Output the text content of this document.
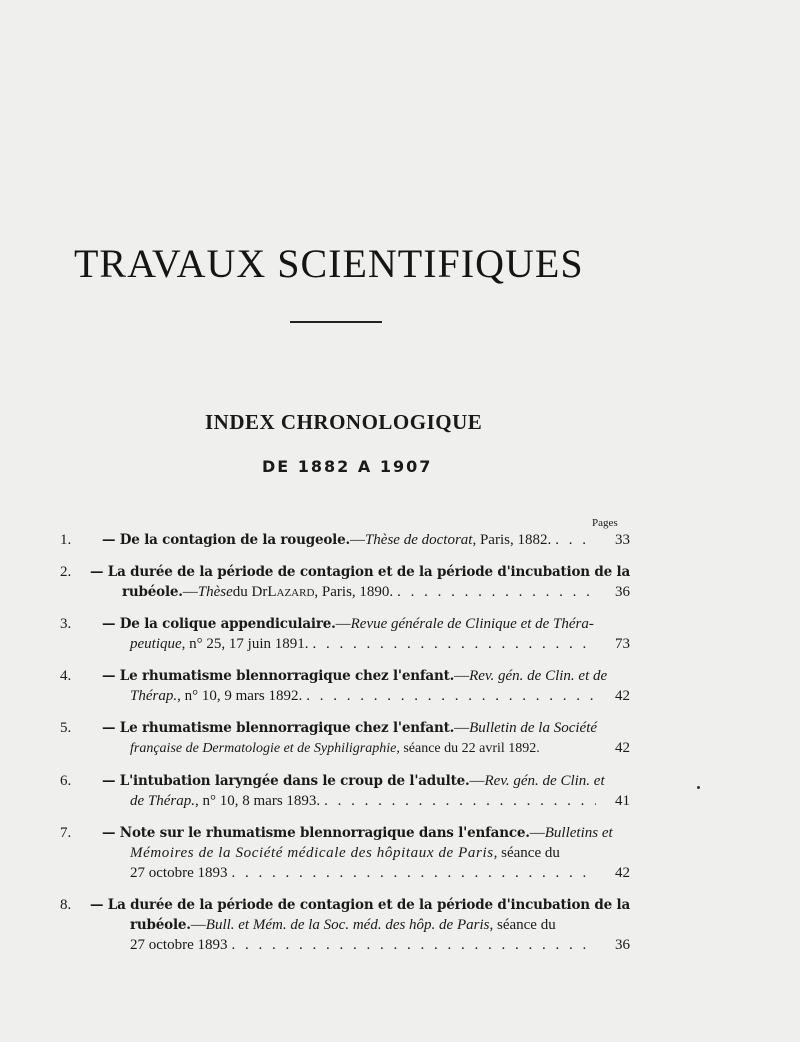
TRAVAUX SCIENTIFIQUES
INDEX CHRONOLOGIQUE
DE 1882 A 1907
Pages
1.	— De la contagion de la rougeole. — Thèse de doctorat , Paris, 1882. . . .	33
2.	— La durée de la période de contagion et de la période d'incubation de la
rubéole. — Thèse du Dr Lazard , Paris, 1890. . . .	36
3.	— De la colique appendiculaire. — Revue générale de Clinique et de Théra-
peutique , n° 25, 17 juin 1891. . . .	73
4.	— Le rhumatisme blennorragique chez l'enfant. — Rev. gén. de Clin. et de
Thérap. , n° 10, 9 mars 1892. . . .	42
5.	— Le rhumatisme blennorragique chez l'enfant. — Bulletin de la Société
française de Dermatologie et de Syphiligraphie , séance du 22 avril 1892.	42
6.	— L'intubation laryngée dans le croup de l'adulte. — Rev. gén. de Clin. et
de Thérap. , n° 10, 8 mars 1893. . . .	41
7.	— Note sur le rhumatisme blennorragique dans l'enfance. — Bulletins et
Mémoires de la Société médicale des hôpitaux de Paris , séance du
27 octobre 1893 . . .	42
8.	— La durée de la période de contagion et de la période d'incubation de la
rubéole. — Bull. et Mém. de la Soc. méd. des hôp. de Paris , séance du
27 octobre 1893 . . .	36
